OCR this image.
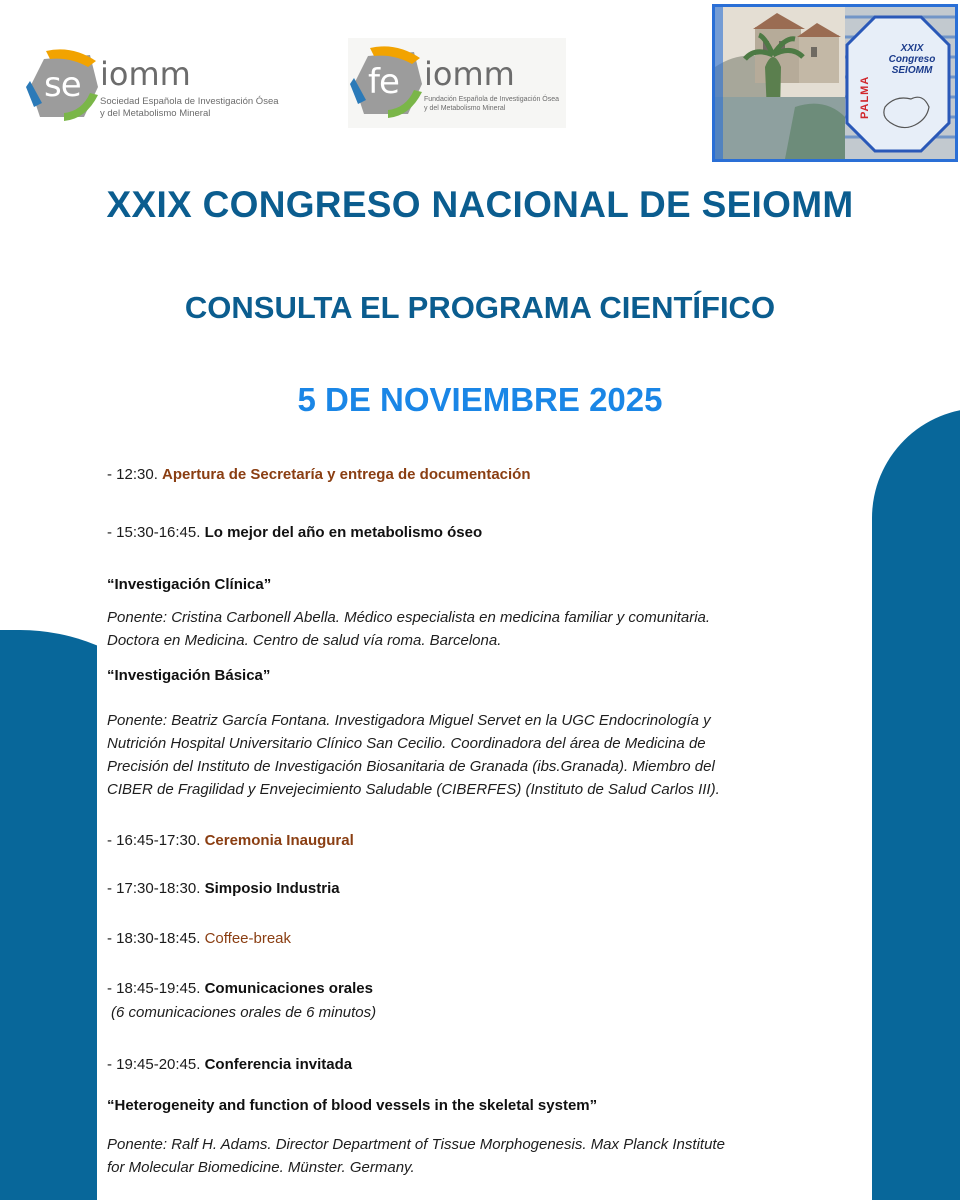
se iomm
Sociedad Española de Investigación Ósea
y del Metabolismo Mineral
fe iomm
Fundación Española de Investigación Ósea
y del Metabolismo Mineral
XXIX
Congreso
SEIOMM
PALMA
XXIX CONGRESO NACIONAL DE SEIOMM
CONSULTA EL PROGRAMA CIENTÍFICO
5 DE NOVIEMBRE 2025
- 12:30. Apertura de Secretaría y entrega de documentación
- 15:30-16:45. Lo mejor del año en metabolismo óseo
“Investigación Clínica”
Ponente: Cristina Carbonell Abella. Médico especialista en medicina familiar y comunitaria.
Doctora en Medicina. Centro de salud vía roma. Barcelona.
“Investigación Básica”
Ponente: Beatriz García Fontana. Investigadora Miguel Servet en la UGC Endocrinología y
Nutrición Hospital Universitario Clínico San Cecilio. Coordinadora del área de Medicina de
Precisión del Instituto de Investigación Biosanitaria de Granada (ibs.Granada). Miembro del
CIBER de Fragilidad y Envejecimiento Saludable (CIBERFES) (Instituto de Salud Carlos III).
- 16:45-17:30. Ceremonia Inaugural
- 17:30-18:30. Simposio Industria
- 18:30-18:45. Coffee-break
- 18:45-19:45. Comunicaciones orales
(6 comunicaciones orales de 6 minutos)
- 19:45-20:45. Conferencia invitada
“Heterogeneity and function of blood vessels in the skeletal system”
Ponente: Ralf H. Adams. Director Department of Tissue Morphogenesis. Max Planck Institute
for Molecular Biomedicine. Münster. Germany.
